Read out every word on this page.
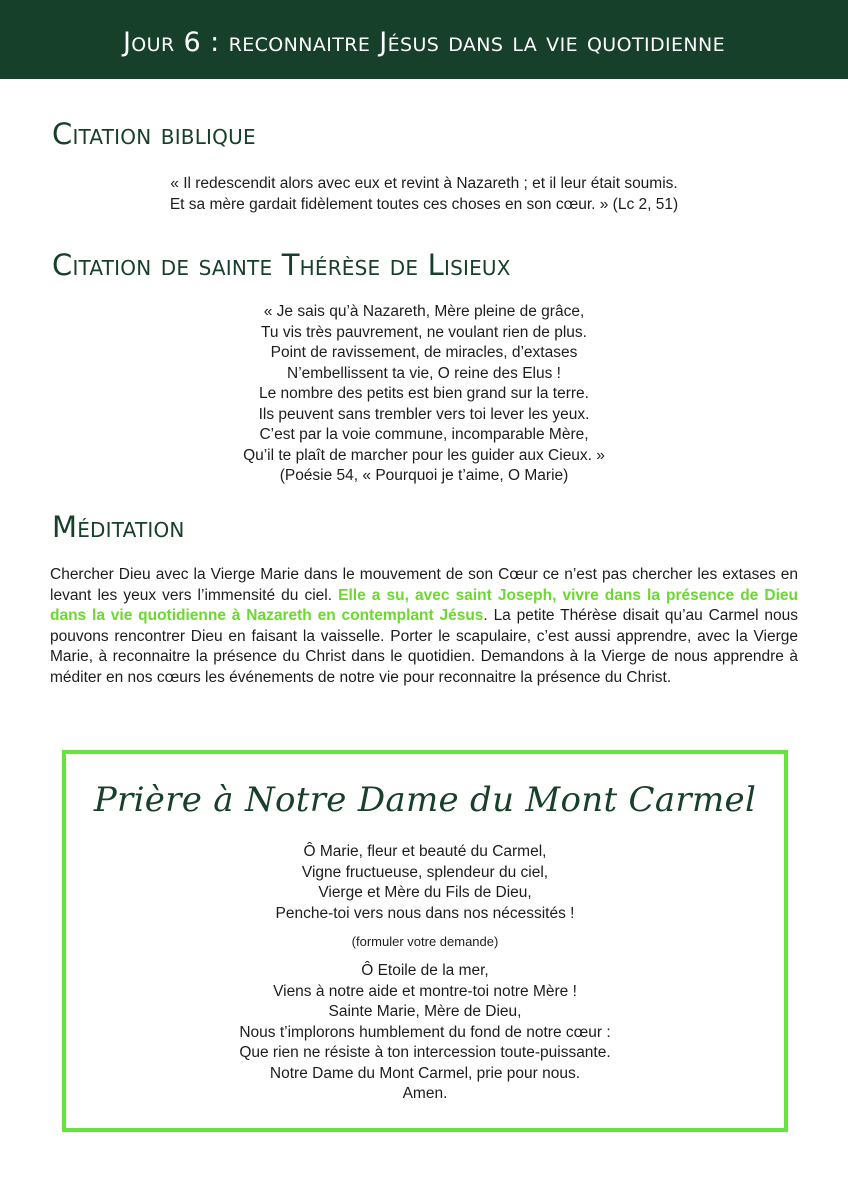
Jour 6 : reconnaitre Jésus dans la vie quotidienne
Citation biblique
« Il redescendit alors avec eux et revint à Nazareth ; et il leur était soumis.
Et sa mère gardait fidèlement toutes ces choses en son cœur. » (Lc 2, 51)
Citation de sainte Thérèse de Lisieux
« Je sais qu’à Nazareth, Mère pleine de grâce,
Tu vis très pauvrement, ne voulant rien de plus.
Point de ravissement, de miracles, d’extases
N’embellissent ta vie, O reine des Elus !
Le nombre des petits est bien grand sur la terre.
Ils peuvent sans trembler vers toi lever les yeux.
C’est par la voie commune, incomparable Mère,
Qu’il te plaît de marcher pour les guider aux Cieux. »
(Poésie 54, « Pourquoi je t’aime, O Marie)
Méditation

Chercher Dieu avec la Vierge Marie dans le mouvement de son Cœur ce n’est pas chercher les extases en levant les yeux vers l’immensité du ciel. Elle a su, avec saint Joseph, vivre dans la présence de Dieu dans la vie quotidienne à Nazareth en contemplant Jésus. La petite Thérèse disait qu’au Carmel nous pouvons rencontrer Dieu en faisant la vaisselle. Porter le scapulaire, c’est aussi apprendre, avec la Vierge Marie, à reconnaitre la présence du Christ dans le quotidien. Demandons à la Vierge de nous apprendre à méditer en nos cœurs les événements de notre vie pour reconnaitre la présence du Christ.

Prière à Notre Dame du Mont Carmel
Ô Marie, fleur et beauté du Carmel,
Vigne fructueuse, splendeur du ciel,
Vierge et Mère du Fils de Dieu,
Penche-toi vers nous dans nos nécessités !
(formuler votre demande)
Ô Etoile de la mer,
Viens à notre aide et montre-toi notre Mère !
Sainte Marie, Mère de Dieu,
Nous t’implorons humblement du fond de notre cœur :
Que rien ne résiste à ton intercession toute-puissante.
Notre Dame du Mont Carmel, prie pour nous.
Amen.
